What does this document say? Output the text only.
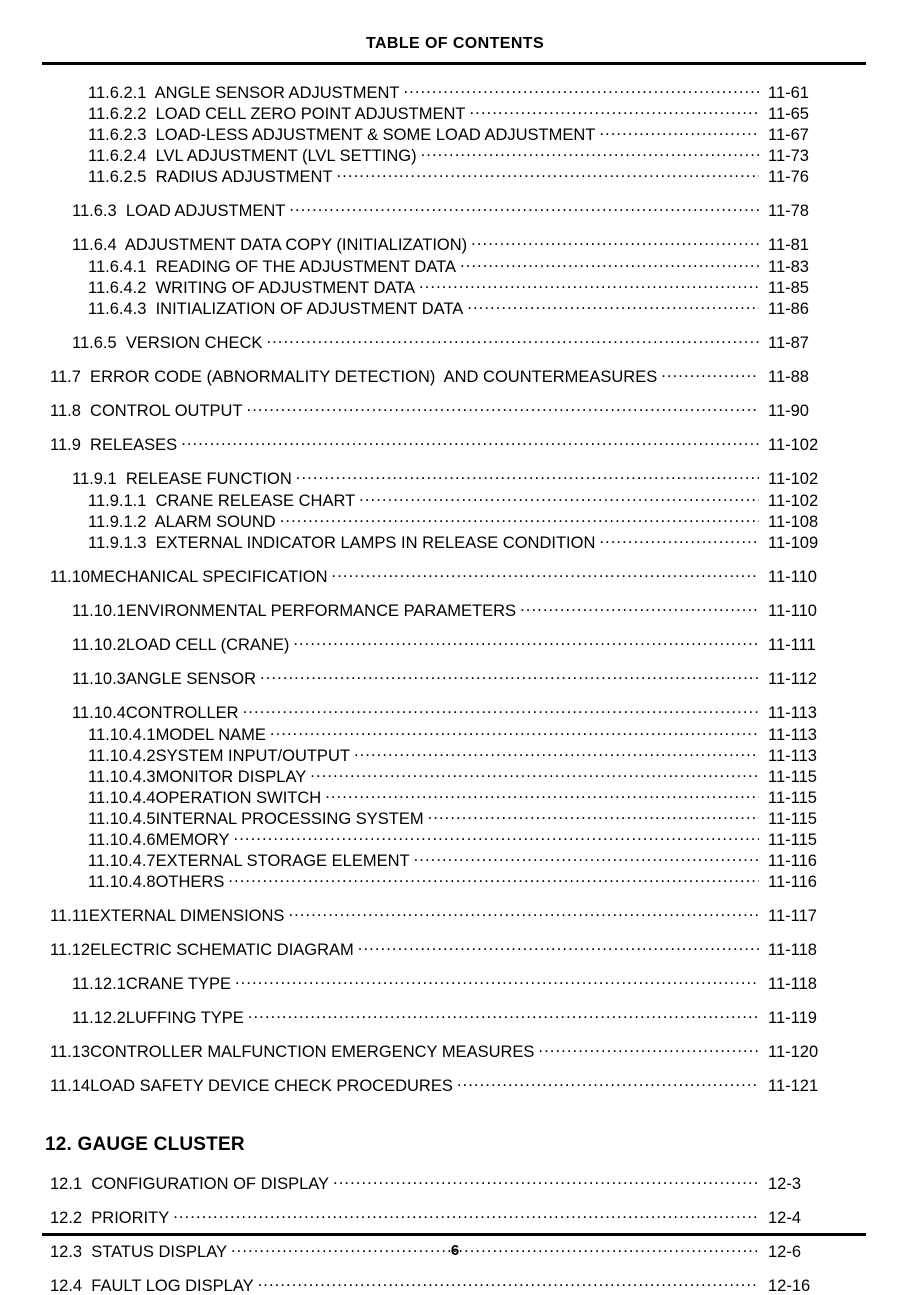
TABLE OF CONTENTS
11.6.2.1 ANGLE SENSOR ADJUSTMENT .....	11-61
11.6.2.2 LOAD CELL ZERO POINT ADJUSTMENT .....	11-65
11.6.2.3 LOAD-LESS ADJUSTMENT & SOME LOAD ADJUSTMENT .....	11-67
11.6.2.4 LVL ADJUSTMENT (LVL SETTING) .....	11-73
11.6.2.5 RADIUS ADJUSTMENT .....	11-76
11.6.3 LOAD ADJUSTMENT .....	11-78
11.6.4 ADJUSTMENT DATA COPY (INITIALIZATION) .....	11-81
11.6.4.1 READING OF THE ADJUSTMENT DATA .....	11-83
11.6.4.2 WRITING OF ADJUSTMENT DATA .....	11-85
11.6.4.3 INITIALIZATION OF ADJUSTMENT DATA .....	11-86
11.6.5 VERSION CHECK .....	11-87
11.7 ERROR CODE (ABNORMALITY DETECTION)  AND COUNTERMEASURES .....	11-88
11.8 CONTROL OUTPUT .....	11-90
11.9 RELEASES .....	11-102
11.9.1 RELEASE FUNCTION .....	11-102
11.9.1.1 CRANE RELEASE CHART .....	11-102
11.9.1.2 ALARM SOUND .....	11-108
11.9.1.3 EXTERNAL INDICATOR LAMPS IN RELEASE CONDITION .....	11-109
11.10 MECHANICAL SPECIFICATION .....	11-110
11.10.1 ENVIRONMENTAL PERFORMANCE PARAMETERS .....	11-110
11.10.2 LOAD CELL (CRANE) .....	11-111
11.10.3 ANGLE SENSOR .....	11-112
11.10.4 CONTROLLER .....	11-113
11.10.4.1 MODEL NAME .....	11-113
11.10.4.2 SYSTEM INPUT/OUTPUT .....	11-113
11.10.4.3 MONITOR DISPLAY .....	11-115
11.10.4.4 OPERATION SWITCH .....	11-115
11.10.4.5 INTERNAL PROCESSING SYSTEM .....	11-115
11.10.4.6 MEMORY .....	11-115
11.10.4.7 EXTERNAL STORAGE ELEMENT .....	11-116
11.10.4.8 OTHERS .....	11-116
11.11 EXTERNAL DIMENSIONS .....	11-117
11.12 ELECTRIC SCHEMATIC DIAGRAM .....	11-118
11.12.1 CRANE TYPE .....	11-118
11.12.2 LUFFING TYPE .....	11-119
11.13 CONTROLLER MALFUNCTION EMERGENCY MEASURES .....	11-120
11.14 LOAD SAFETY DEVICE CHECK PROCEDURES .....	11-121
12. GAUGE CLUSTER
12.1 CONFIGURATION OF DISPLAY .....	12-3
12.2 PRIORITY .....	12-4
12.3 STATUS DISPLAY .....	12-6
12.4 FAULT LOG DISPLAY .....	12-16
6
